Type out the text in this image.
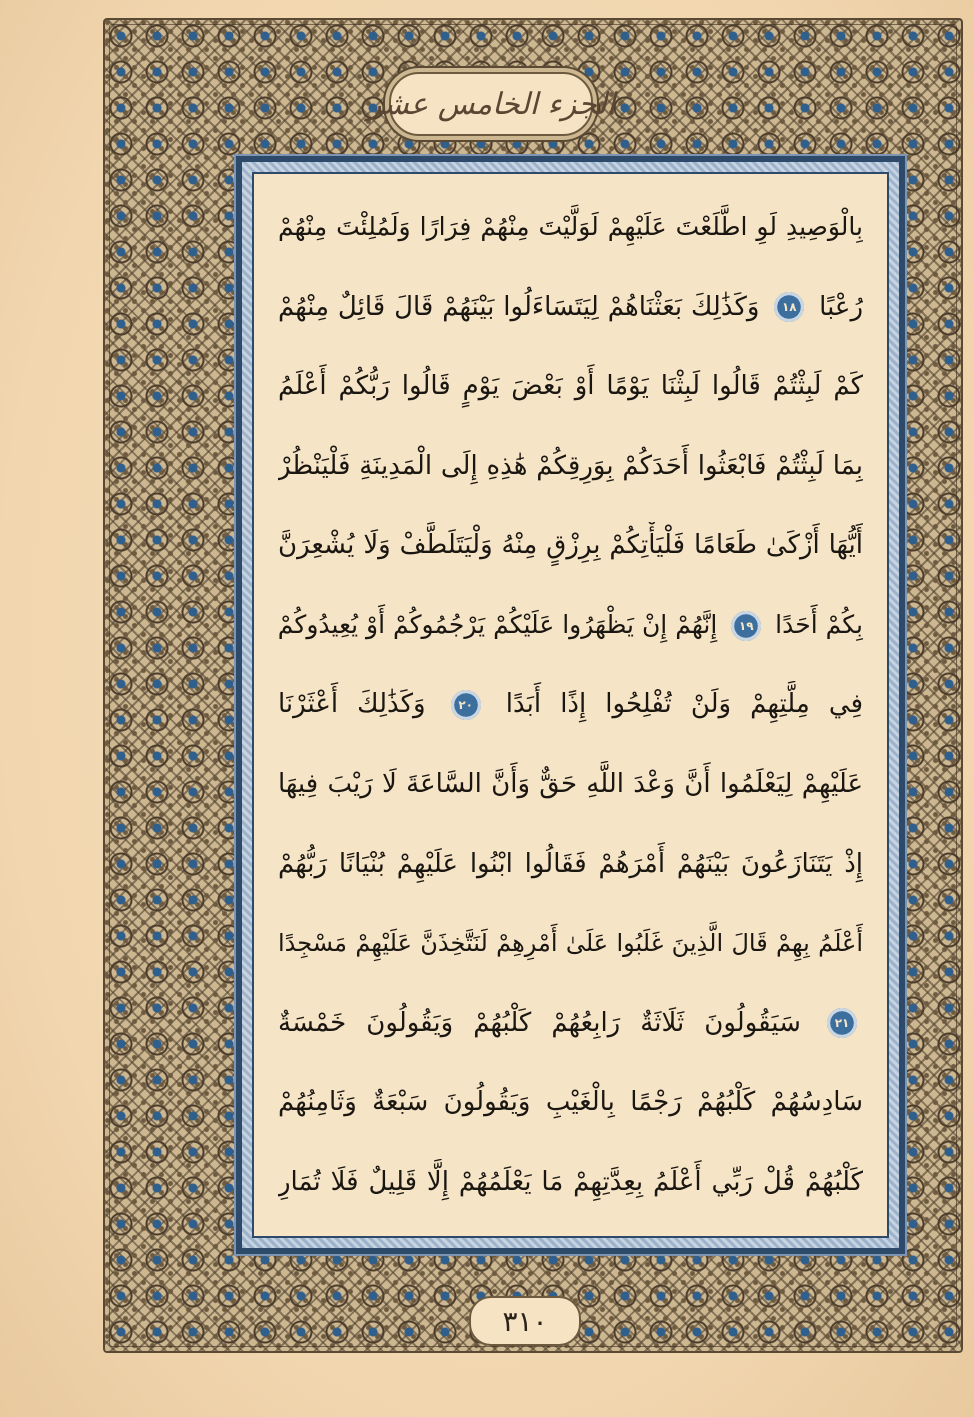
الجزء الخامس عشر
بِالْوَصِيدِ لَوِ اطَّلَعْتَ عَلَيْهِمْ لَوَلَّيْتَ مِنْهُمْ فِرَارًا وَلَمُلِئْتَ مِنْهُمْ
رُعْبًا ١٨ وَكَذَٰلِكَ بَعَثْنَاهُمْ لِيَتَسَاءَلُوا بَيْنَهُمْ قَالَ قَائِلٌ مِنْهُمْ
كَمْ لَبِثْتُمْ قَالُوا لَبِثْنَا يَوْمًا أَوْ بَعْضَ يَوْمٍ قَالُوا رَبُّكُمْ أَعْلَمُ
بِمَا لَبِثْتُمْ فَابْعَثُوا أَحَدَكُمْ بِوَرِقِكُمْ هَٰذِهِ إِلَى الْمَدِينَةِ فَلْيَنْظُرْ
أَيُّهَا أَزْكَىٰ طَعَامًا فَلْيَأْتِكُمْ بِرِزْقٍ مِنْهُ وَلْيَتَلَطَّفْ وَلَا يُشْعِرَنَّ
بِكُمْ أَحَدًا ١٩ إِنَّهُمْ إِنْ يَظْهَرُوا عَلَيْكُمْ يَرْجُمُوكُمْ أَوْ يُعِيدُوكُمْ
فِي مِلَّتِهِمْ وَلَنْ تُفْلِحُوا إِذًا أَبَدًا ٢٠ وَكَذَٰلِكَ أَعْثَرْنَا
عَلَيْهِمْ لِيَعْلَمُوا أَنَّ وَعْدَ اللَّهِ حَقٌّ وَأَنَّ السَّاعَةَ لَا رَيْبَ فِيهَا
إِذْ يَتَنَازَعُونَ بَيْنَهُمْ أَمْرَهُمْ فَقَالُوا ابْنُوا عَلَيْهِمْ بُنْيَانًا رَبُّهُمْ
أَعْلَمُ بِهِمْ قَالَ الَّذِينَ غَلَبُوا عَلَىٰ أَمْرِهِمْ لَنَتَّخِذَنَّ عَلَيْهِمْ مَسْجِدًا
٢١ سَيَقُولُونَ ثَلَاثَةٌ رَابِعُهُمْ كَلْبُهُمْ وَيَقُولُونَ خَمْسَةٌ
سَادِسُهُمْ كَلْبُهُمْ رَجْمًا بِالْغَيْبِ وَيَقُولُونَ سَبْعَةٌ وَثَامِنُهُمْ
كَلْبُهُمْ قُلْ رَبِّي أَعْلَمُ بِعِدَّتِهِمْ مَا يَعْلَمُهُمْ إِلَّا قَلِيلٌ فَلَا تُمَارِ
٣١٠
